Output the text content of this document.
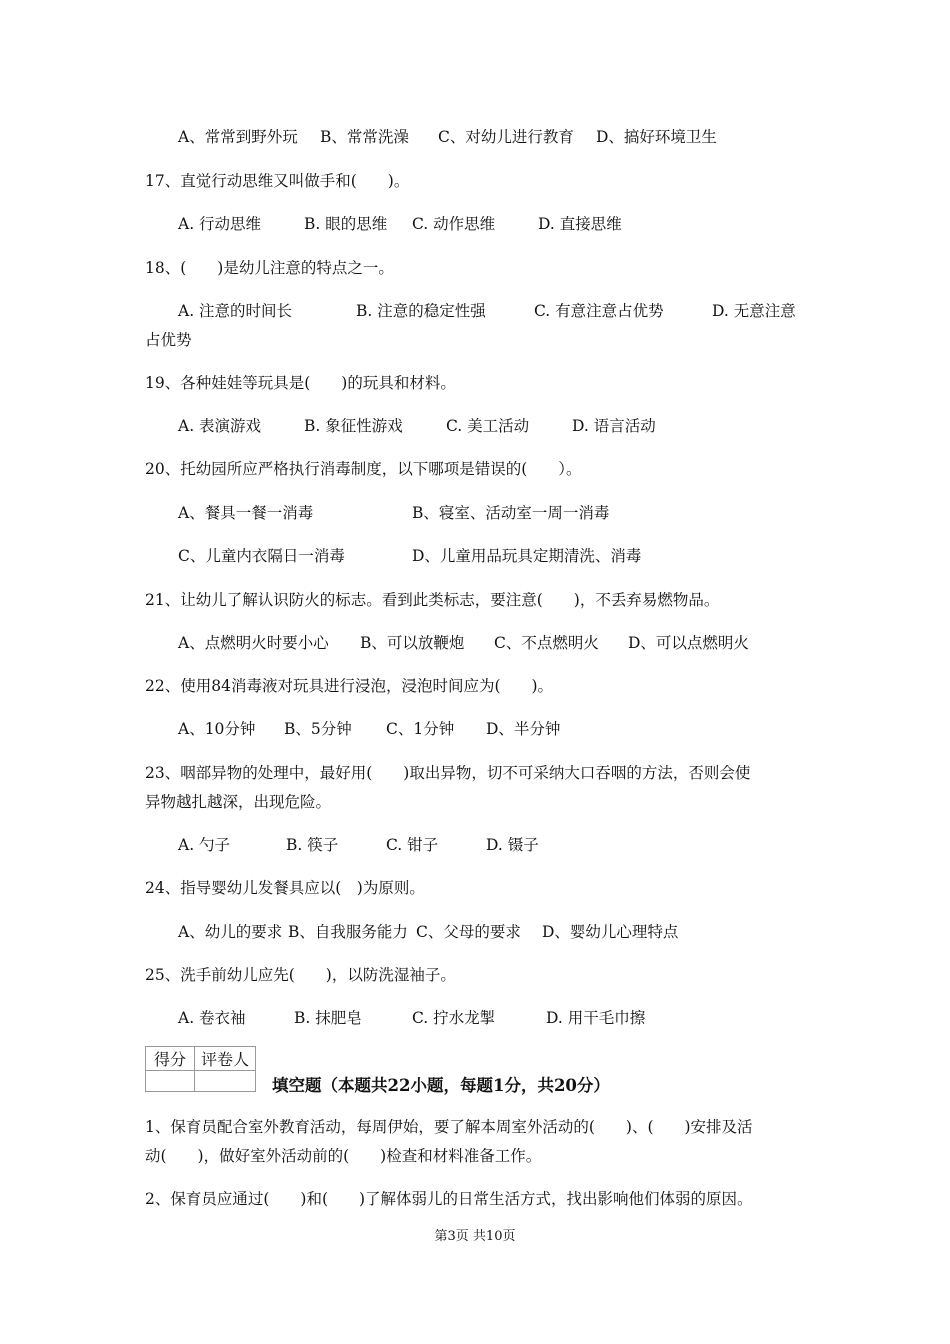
A、常常到野外玩 B、常常洗澡 C、对幼儿进行教育 D、搞好环境卫生
17、直觉行动思维又叫做手和(　　)。
A. 行动思维	B. 眼的思维 C. 动作思维	D. 直接思维
18、(　　)是幼儿注意的特点之一。
A. 注意的时间长	B. 注意的稳定性强	C. 有意注意占优势	D. 无意注意
占优势
19、各种娃娃等玩具是(　　)的玩具和材料。
A. 表演游戏	B. 象征性游戏	C. 美工活动	D. 语言活动
20、托幼园所应严格执行消毒制度，以下哪项是错误的(　　）。
A、餐具一餐一消毒	B、寝室、活动室一周一消毒
C、儿童内衣隔日一消毒	D、儿童用品玩具定期清洗、消毒
21、让幼儿了解认识防火的标志。看到此类标志，要注意(　　)，不丢弃易燃物品。
A、点燃明火时要小心 B、可以放鞭炮 C、不点燃明火 D、可以点燃明火
22、使用84消毒液对玩具进行浸泡，浸泡时间应为(　　)。
A、10分钟 B、5分钟 C、1分钟 D、半分钟
23、咽部异物的处理中，最好用(　　)取出异物，切不可采纳大口吞咽的方法，否则会使
异物越扎越深，出现危险。
A. 勺子	B. 筷子	C. 钳子	D. 镊子
24、指导婴幼儿发餐具应以(　)为原则。
A、幼儿的要求 B、自我服务能力 C、父母的要求 D、婴幼儿心理特点
25、洗手前幼儿应先(　　)，以防洗湿袖子。
A. 卷衣袖	B. 抹肥皂	C. 拧水龙掣	D. 用干毛巾擦
得分	评卷人

填空题（本题共22小题，每题1分，共20分）
1、保育员配合室外教育活动，每周伊始，要了解本周室外活动的(　　)、(　　)安排及活
动(　　)，做好室外活动前的(　　)检查和材料准备工作。
2、保育员应通过(　　)和(　　)了解体弱儿的日常生活方式，找出影响他们体弱的原因。
第3页 共10页
